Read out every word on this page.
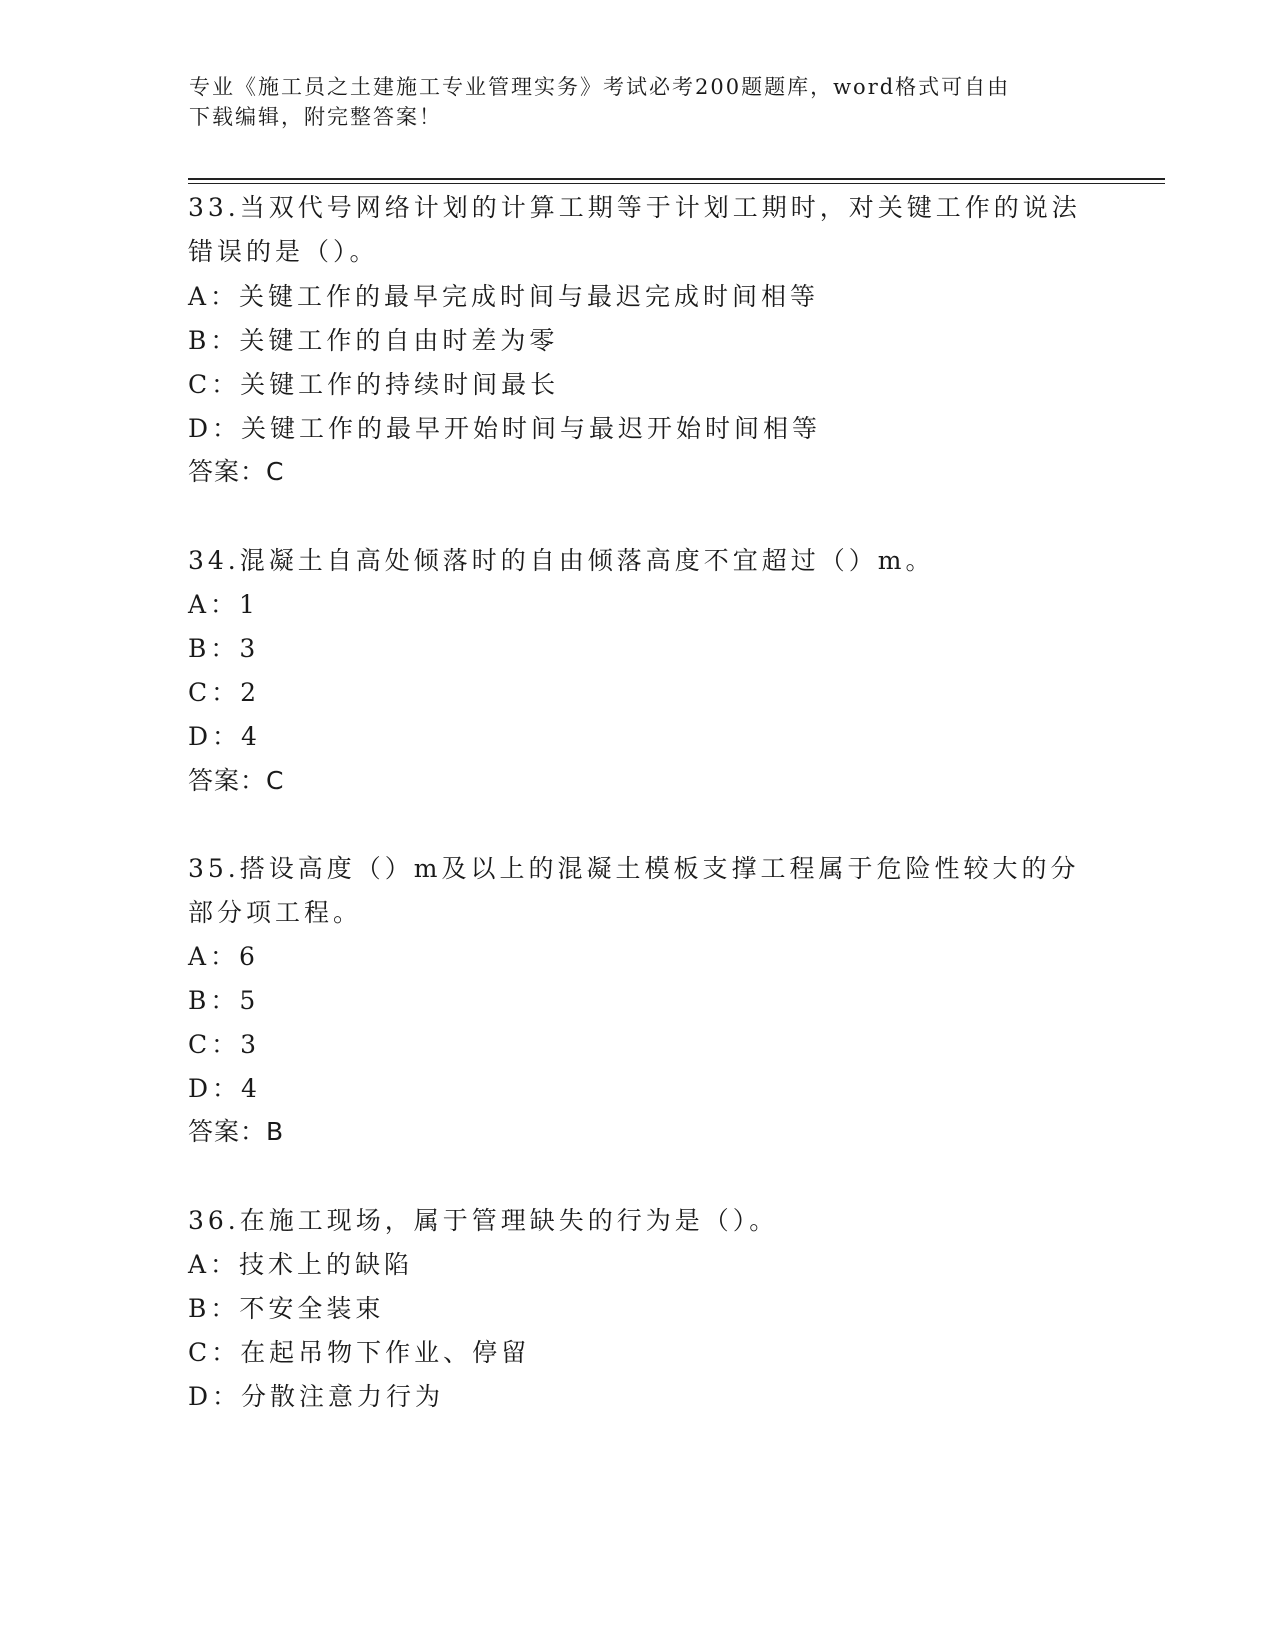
专业《施工员之土建施工专业管理实务》考试必考200题题库，word格式可自由
下载编辑，附完整答案！
33.当双代号网络计划的计算工期等于计划工期时，对关键工作的说法
错误的是（）。
A：关键工作的最早完成时间与最迟完成时间相等
B：关键工作的自由时差为零
C：关键工作的持续时间最长
D：关键工作的最早开始时间与最迟开始时间相等
答案：C
34.混凝土自高处倾落时的自由倾落高度不宜超过（）m。
A：1
B：3
C：2
D：4
答案：C
35.搭设高度（）m及以上的混凝土模板支撑工程属于危险性较大的分
部分项工程。
A：6
B：5
C：3
D：4
答案：B
36.在施工现场，属于管理缺失的行为是（）。
A：技术上的缺陷
B：不安全装束
C：在起吊物下作业、停留
D：分散注意力行为
